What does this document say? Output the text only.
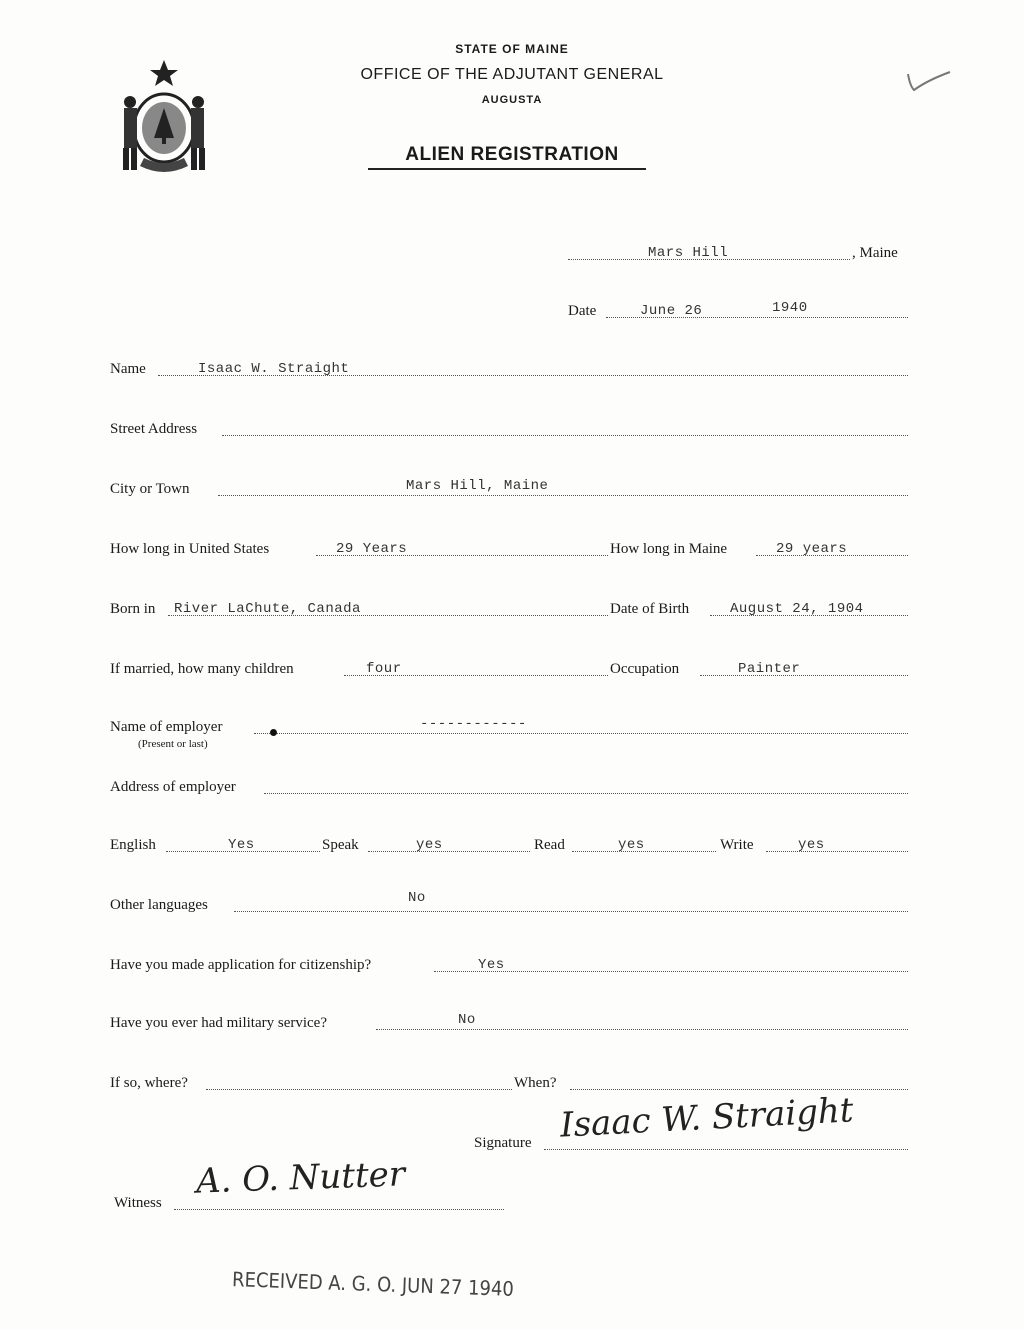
STATE OF MAINE
OFFICE OF THE ADJUTANT GENERAL
AUGUSTA
ALIEN REGISTRATION
Mars Hill	, Maine
Date	June 26	1940
Name	Isaac W. Straight
Street Address
City or Town	Mars Hill, Maine
How long in United States	29 Years	How long in Maine	29 years
Born in River LaChute, Canada	Date of Birth	August 24, 1904
If married, how many children	four	Occupation	Painter
Name of employer	------------
(Present or last)
Address of employer
English	Yes	Speak	yes	Read	yes	Write	yes
Other languages	No
Have you made application for citizenship?	Yes
Have you ever had military service?	No
If so, where?	When?
Signature Isaac W. Straight
Witness
A. O. Nutter
RECEIVED A. G. O. JUN 27 1940
